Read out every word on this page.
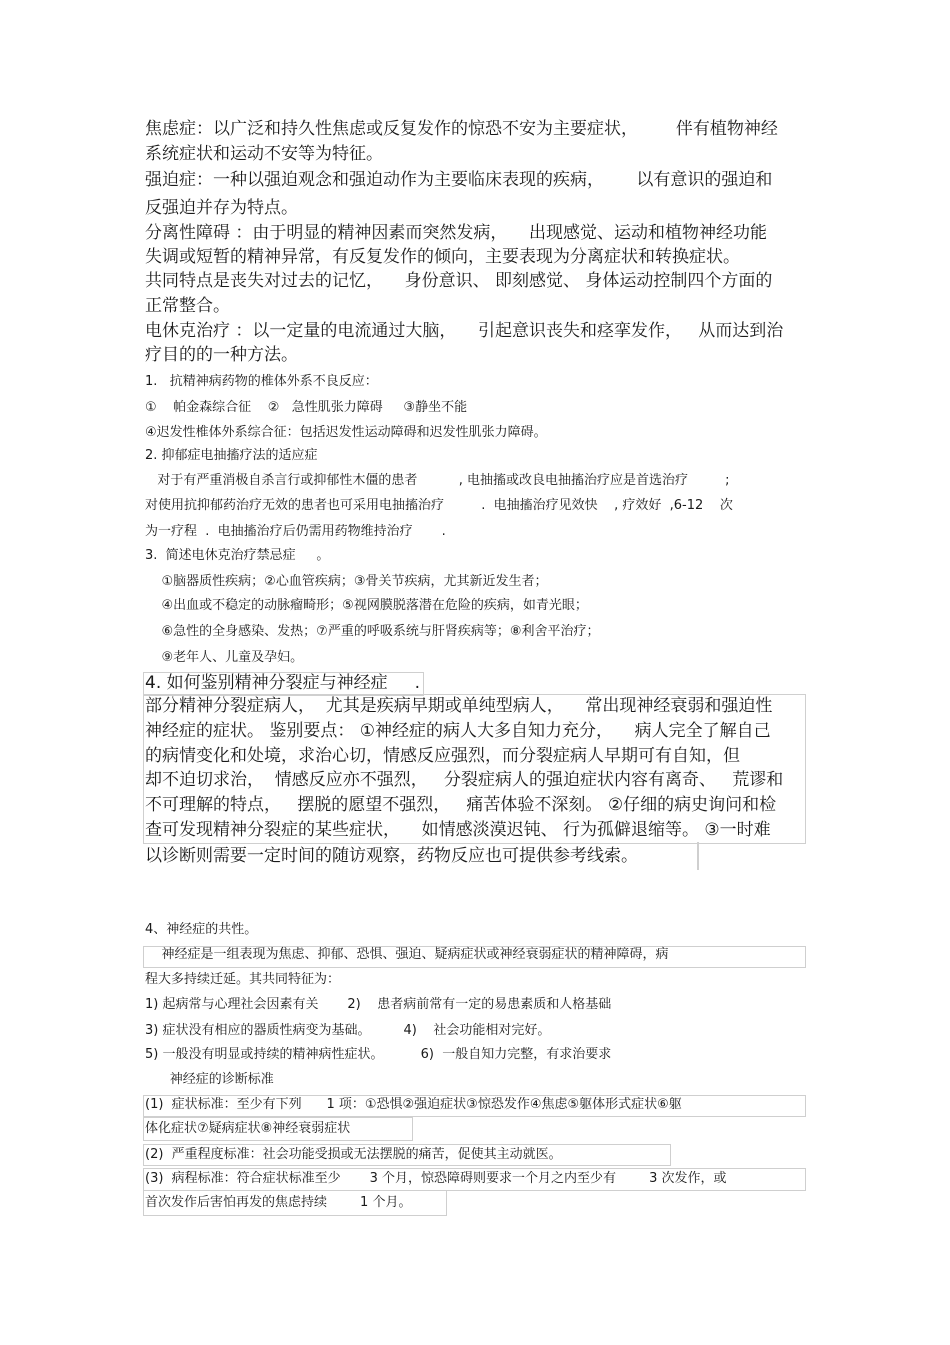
焦虑症：以广泛和持久性焦虑或反复发作的惊恐不安为主要症状，       伴有植物神经
系统症状和运动不安等为特征。
强迫症：一种以强迫观念和强迫动作为主要临床表现的疾病，      以有意识的强迫和
反强迫并存为特点。
分离性障碍 ：由于明显的精神因素而突然发病，    出现感觉、运动和植物神经功能
失调或短暂的精神异常，有反复发作的倾向，主要表现为分离症状和转换症状。
共同特点是丧失对过去的记忆，    身份意识、 即刻感觉、 身体运动控制四个方面的
正常整合。
电休克治疗 ：以一定量的电流通过大脑，    引起意识丧失和痉挛发作，   从而达到治
疗目的的一种方法。
1.   抗精神病药物的椎体外系不良反应：
①    帕金森综合征    ②   急性肌张力障碍     ③静坐不能
④迟发性椎体外系综合征：包括迟发性运动障碍和迟发性肌张力障碍。
2. 抑郁症电抽搐疗法的适应症
对于有严重消极自杀言行或抑郁性木僵的患者          , 电抽搐或改良电抽搐治疗应是首选治疗         ;
对使用抗抑郁药治疗无效的患者也可采用电抽搐治疗         .  电抽搐治疗见效快    , 疗效好  ,6-12    次
为一疗程  .  电抽搐治疗后仍需用药物维持治疗       .
3.  简述电休克治疗禁忌症     。
①脑器质性疾病；②心血管疾病；③骨关节疾病，尤其新近发生者；
④出血或不稳定的动脉瘤畸形；⑤视网膜脱落潜在危险的疾病，如青光眼；
⑥急性的全身感染、发热；⑦严重的呼吸系统与肝肾疾病等；⑧利舍平治疗；
⑨老年人、儿童及孕妇。
4. 如何鉴别精神分裂症与神经症     .
部分精神分裂症病人，  尤其是疾病早期或单纯型病人，    常出现神经衰弱和强迫性
神经症的症状。 鉴别要点： ①神经症的病人大多自知力充分，    病人完全了解自己
的病情变化和处境，求治心切，情感反应强烈，而分裂症病人早期可有自知，但
却不迫切求治，  情感反应亦不强烈，   分裂症病人的强迫症状内容有离奇、   荒谬和
不可理解的特点，   摆脱的愿望不强烈，   痛苦体验不深刻。 ②仔细的病史询问和检
查可发现精神分裂症的某些症状，    如情感淡漠迟钝、 行为孤僻退缩等。 ③一时难
以诊断则需要一定时间的随访观察，药物反应也可提供参考线索。
4、神经症的共性。
神经症是一组表现为焦虑、抑郁、恐惧、强迫、疑病症状或神经衰弱症状的精神障碍，病
程大多持续迁延。其共同特征为：
1) 起病常与心理社会因素有关       2)    患者病前常有一定的易患素质和人格基础
3) 症状没有相应的器质性病变为基础。        4)    社会功能相对完好。
5) 一般没有明显或持续的精神病性症状。         6)  一般自知力完整，有求治要求
神经症的诊断标准
(1)  症状标准：至少有下列      1 项：①恐惧②强迫症状③惊恐发作④焦虑⑤躯体形式症状⑥躯
体化症状⑦疑病症状⑧神经衰弱症状
(2)  严重程度标准：社会功能受损或无法摆脱的痛苦，促使其主动就医。
(3)  病程标准：符合症状标准至少       3 个月，惊恐障碍则要求一个月之内至少有        3 次发作，或
首次发作后害怕再发的焦虑持续        1 个月。
